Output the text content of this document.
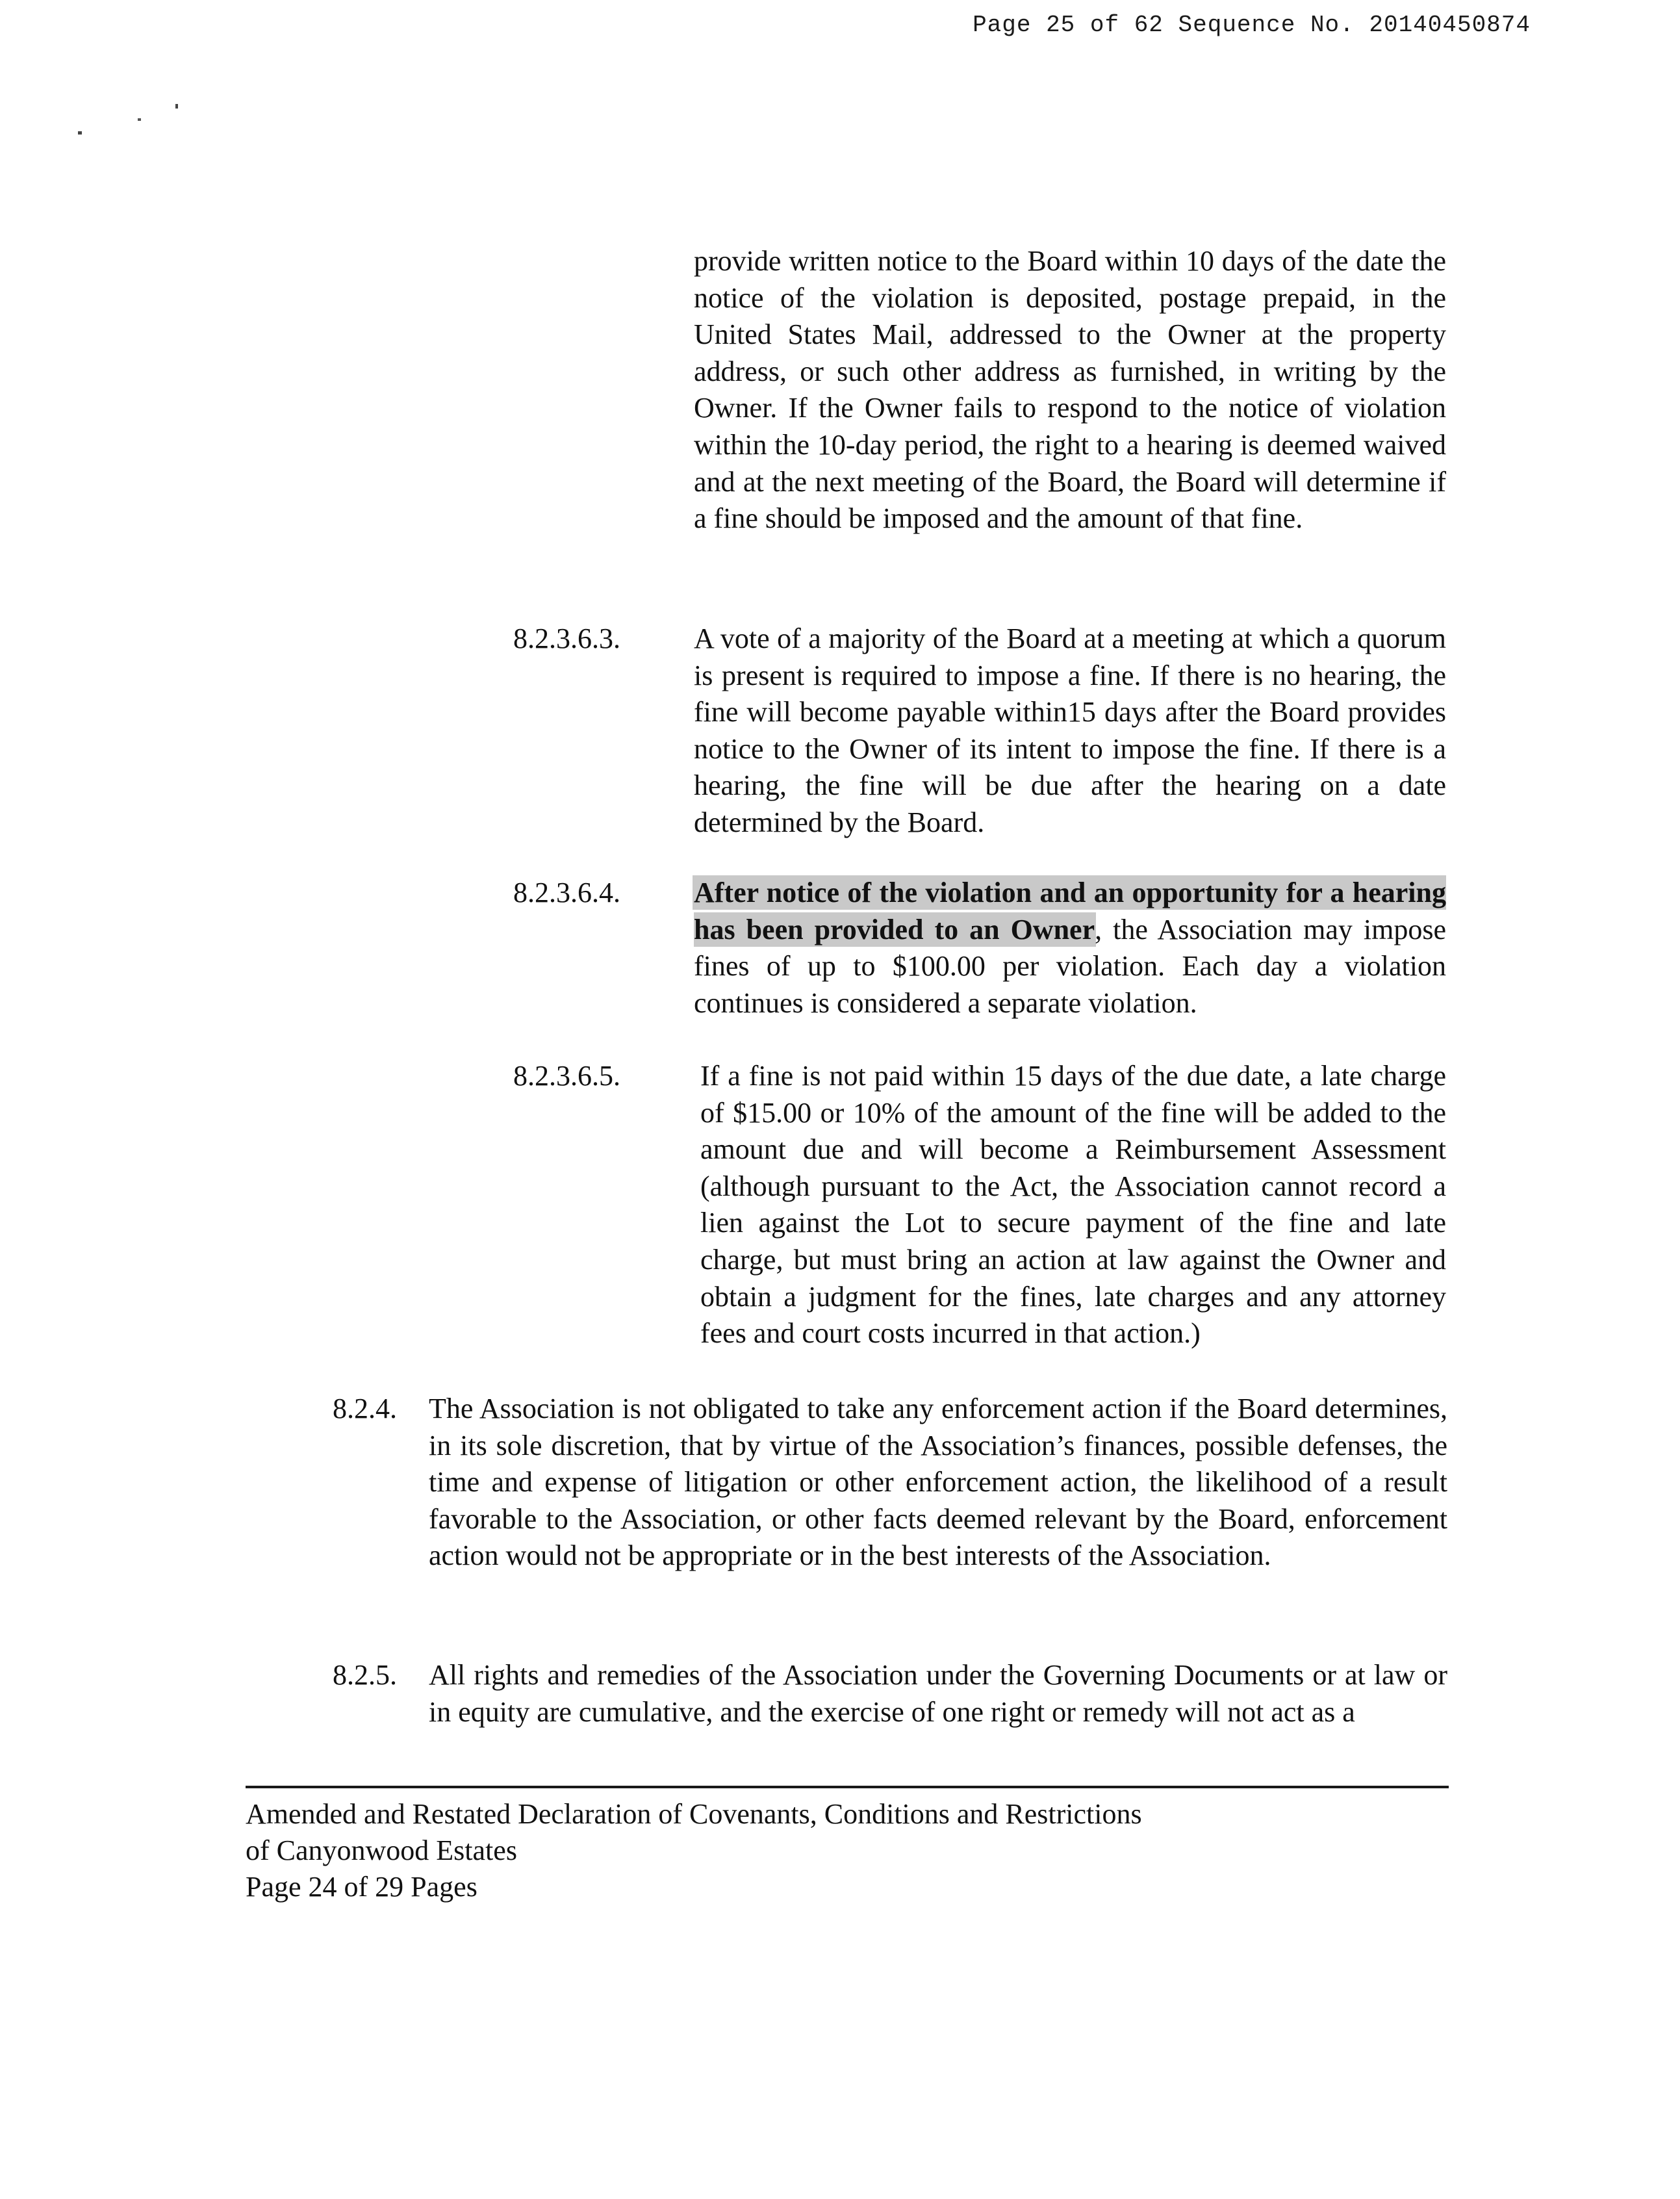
Page 25 of 62 Sequence No. 20140450874
provide written notice to the Board within 10 days of the date the notice of the violation is deposited, postage prepaid, in the United States Mail, addressed to the Owner at the property address, or such other address as furnished, in writing by the Owner. If the Owner fails to respond to the notice of violation within the 10-day period, the right to a hearing is deemed waived and at the next meeting of the Board, the Board will determine if a fine should be imposed and the amount of that fine.
8.2.3.6.3.	A vote of a majority of the Board at a meeting at which a quorum is present is required to impose a fine. If there is no hearing, the fine will become payable within15 days after the Board provides notice to the Owner of its intent to impose the fine. If there is a hearing, the fine will be due after the hearing on a date determined by the Board.
8.2.3.6.4.	After notice of the violation and an opportunity for a hearing has been provided to an Owner, the Association may impose fines of up to $100.00 per violation. Each day a violation continues is considered a separate violation.
8.2.3.6.5.	If a fine is not paid within 15 days of the due date, a late charge of $15.00 or 10% of the amount of the fine will be added to the amount due and will become a Reimbursement Assessment (although pursuant to the Act, the Association cannot record a lien against the Lot to secure payment of the fine and late charge, but must bring an action at law against the Owner and obtain a judgment for the fines, late charges and any attorney fees and court costs incurred in that action.)
8.2.4. The Association is not obligated to take any enforcement action if the Board determines, in its sole discretion, that by virtue of the Association’s finances, possible defenses, the time and expense of litigation or other enforcement action, the likelihood of a result favorable to the Association, or other facts deemed relevant by the Board, enforcement action would not be appropriate or in the best interests of the Association.
8.2.5. All rights and remedies of the Association under the Governing Documents or at law or in equity are cumulative, and the exercise of one right or remedy will not act as a
Amended and Restated Declaration of Covenants, Conditions and Restrictions
of Canyonwood Estates
Page 24 of 29 Pages
